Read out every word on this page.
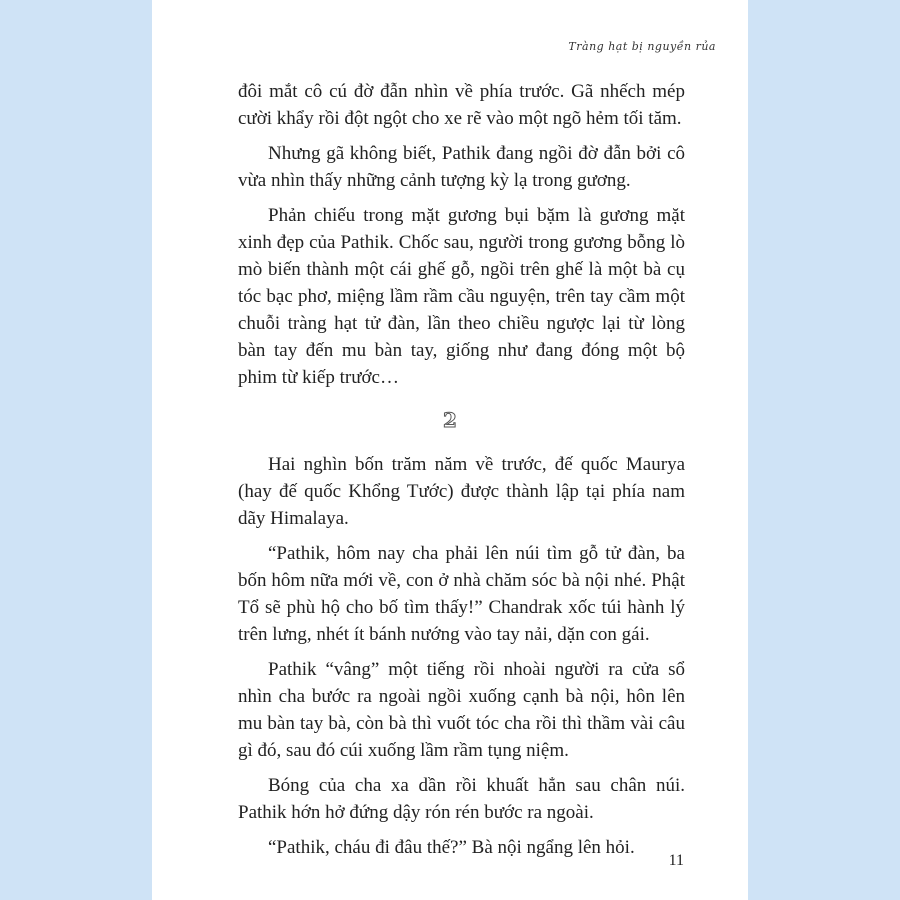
Tràng hạt bị nguyền rủa

đôi mắt cô cú đờ đẫn nhìn về phía trước. Gã nhếch mép cười khẩy rồi đột ngột cho xe rẽ vào một ngõ hẻm tối tăm.

Nhưng gã không biết, Pathik đang ngồi đờ đẫn bởi cô vừa nhìn thấy những cảnh tượng kỳ lạ trong gương.

Phản chiếu trong mặt gương bụi bặm là gương mặt xinh đẹp của Pathik. Chốc sau, người trong gương bỗng lò mò biến thành một cái ghế gỗ, ngồi trên ghế là một bà cụ tóc bạc phơ, miệng lầm rầm cầu nguyện, trên tay cầm một chuỗi tràng hạt tử đàn, lần theo chiều ngược lại từ lòng bàn tay đến mu bàn tay, giống như đang đóng một bộ phim từ kiếp trước…

2

Hai nghìn bốn trăm năm về trước, đế quốc Maurya (hay đế quốc Khổng Tước) được thành lập tại phía nam dãy Himalaya.

“Pathik, hôm nay cha phải lên núi tìm gỗ tử đàn, ba bốn hôm nữa mới về, con ở nhà chăm sóc bà nội nhé. Phật Tổ sẽ phù hộ cho bố tìm thấy!” Chandrak xốc túi hành lý trên lưng, nhét ít bánh nướng vào tay nải, dặn con gái.

Pathik “vâng” một tiếng rồi nhoài người ra cửa sổ nhìn cha bước ra ngoài ngồi xuống cạnh bà nội, hôn lên mu bàn tay bà, còn bà thì vuốt tóc cha rồi thì thầm vài câu gì đó, sau đó cúi xuống lầm rầm tụng niệm.

Bóng của cha xa dần rồi khuất hẳn sau chân núi. Pathik hớn hở đứng dậy rón rén bước ra ngoài.

“Pathik, cháu đi đâu thế?” Bà nội ngẩng lên hỏi.

11
